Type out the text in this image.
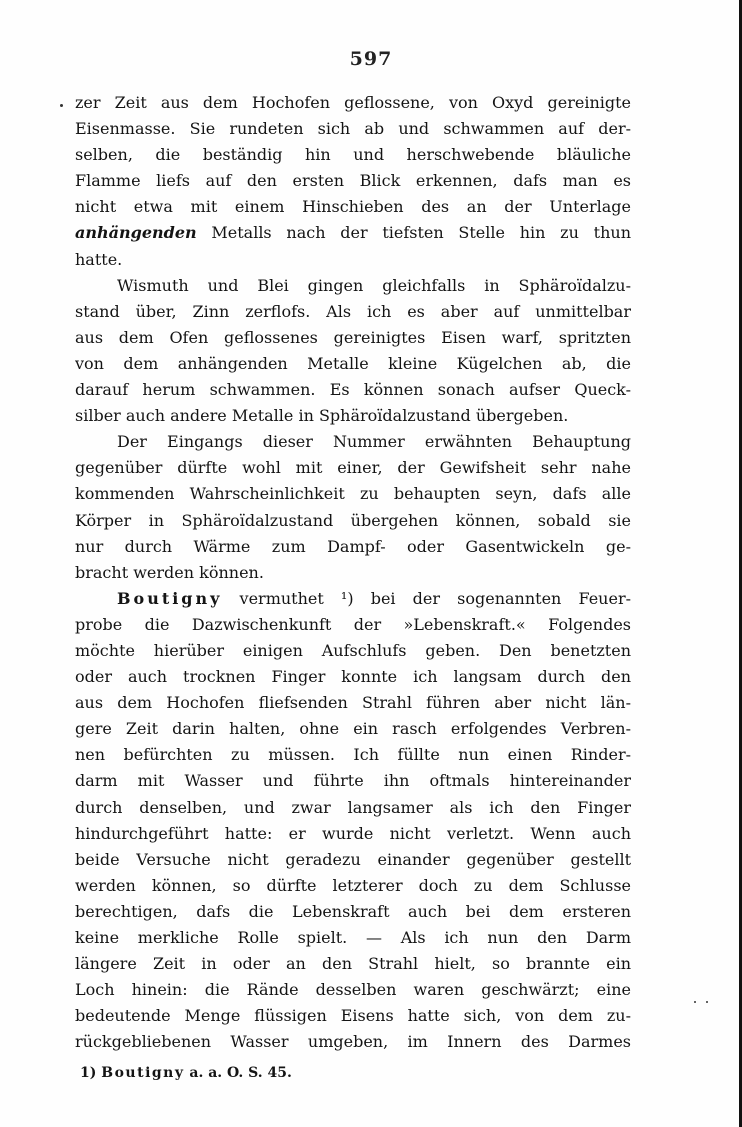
597
zer Zeit aus dem Hochofen geflossene, von Oxyd gereinigte
Eisenmasse. Sie rundeten sich ab und schwammen auf der-
selben, die beständig hin und herschwebende bläuliche
Flamme liefs auf den ersten Blick erkennen, dafs man es
nicht etwa mit einem Hinschieben des an der Unterlage
anhängenden Metalls nach der tiefsten Stelle hin zu thun
hatte.
Wismuth und Blei gingen gleichfalls in Sphäroïdalzu-
stand über, Zinn zerflofs. Als ich es aber auf unmittelbar
aus dem Ofen geflossenes gereinigtes Eisen warf, spritzten
von dem anhängenden Metalle kleine Kügelchen ab, die
darauf herum schwammen. Es können sonach aufser Queck-
silber auch andere Metalle in Sphäroïdalzustand übergeben.
Der Eingangs dieser Nummer erwähnten Behauptung
gegenüber dürfte wohl mit einer, der Gewifsheit sehr nahe
kommenden Wahrscheinlichkeit zu behaupten seyn, dafs alle
Körper in Sphäroïdalzustand übergehen können, sobald sie
nur durch Wärme zum Dampf- oder Gasentwickeln ge-
bracht werden können.
Boutigny vermuthet ¹) bei der sogenannten Feuer-
probe die Dazwischenkunft der »Lebenskraft.« Folgendes
möchte hierüber einigen Aufschlufs geben. Den benetzten
oder auch trocknen Finger konnte ich langsam durch den
aus dem Hochofen fliefsenden Strahl führen aber nicht län-
gere Zeit darin halten, ohne ein rasch erfolgendes Verbren-
nen befürchten zu müssen. Ich füllte nun einen Rinder-
darm mit Wasser und führte ihn oftmals hintereinander
durch denselben, und zwar langsamer als ich den Finger
hindurchgeführt hatte: er wurde nicht verletzt. Wenn auch
beide Versuche nicht geradezu einander gegenüber gestellt
werden können, so dürfte letzterer doch zu dem Schlusse
berechtigen, dafs die Lebenskraft auch bei dem ersteren
keine merkliche Rolle spielt. — Als ich nun den Darm
längere Zeit in oder an den Strahl hielt, so brannte ein
Loch hinein: die Rände desselben waren geschwärzt; eine
bedeutende Menge flüssigen Eisens hatte sich, von dem zu-
rückgebliebenen Wasser umgeben, im Innern des Darmes
1) Boutigny a. a. O. S. 45.
